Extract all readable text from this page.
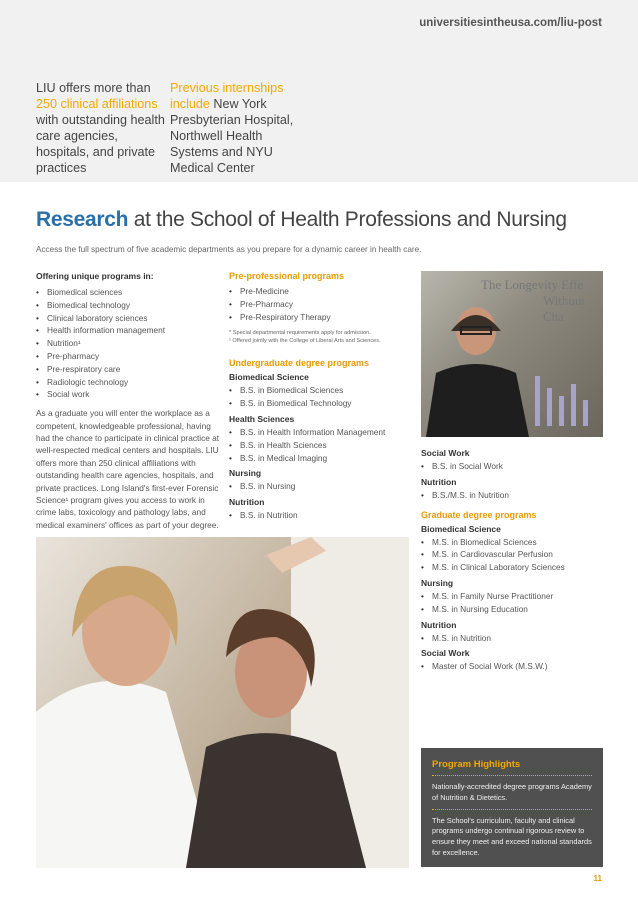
universitiesintheusa.com/liu-post
LIU offers more than 250 clinical affiliations with outstanding health care agencies, hospitals, and private practices
Previous internships include New York Presbyterian Hospital, Northwell Health Systems and NYU Medical Center
Research at the School of Health Professions and Nursing
Access the full spectrum of five academic departments as you prepare for a dynamic career in health care.
Offering unique programs in:
• Biomedical sciences
• Biomedical technology
• Clinical laboratory sciences
• Health information management
• Nutrition¹
• Pre-pharmacy
• Pre-respiratory care
• Radiologic technology
• Social work

As a graduate you will enter the workplace as a competent, knowledgeable professional, having had the chance to participate in clinical practice at well-respected medical centers and hospitals. LIU offers more than 250 clinical affiliations with outstanding health care agencies, hospitals, and private practices. Long Island's first-ever Forensic Science¹ program gives you access to work in crime labs, toxicology and pathology labs, and medical examiners' offices as part of your degree.

Pre-professional programs
• Pre-Medicine
• Pre-Pharmacy
• Pre-Respiratory Therapy
* Special departmental requirements apply for admission.
¹ Offered jointly with the College of Liberal Arts and Sciences.
Undergraduate degree programs
Biomedical Science
• B.S. in Biomedical Sciences
• B.S. in Biomedical Technology
Health Sciences
• B.S. in Health Information Management
• B.S. in Health Sciences
• B.S. in Medical Imaging
Nursing
• B.S. in Nursing
Nutrition
• B.S. in Nutrition
The Longevity Effe
Without Cha
Social Work
• B.S. in Social Work
Nutrition
• B.S./M.S. in Nutrition
Graduate degree programs
Biomedical Science
• M.S. in Biomedical Sciences
• M.S. in Cardiovascular Perfusion
• M.S. in Clinical Laboratory Sciences
Nursing
• M.S. in Family Nurse Practitioner
• M.S. in Nursing Education
Nutrition
• M.S. in Nutrition
Social Work
• Master of Social Work (M.S.W.)
Program Highlights

Nationally-accredited degree programs Academy of Nutrition & Dietetics.

The School's curriculum, faculty and clinical programs undergo continual rigorous review to ensure they meet and exceed national standards for excellence.

11
